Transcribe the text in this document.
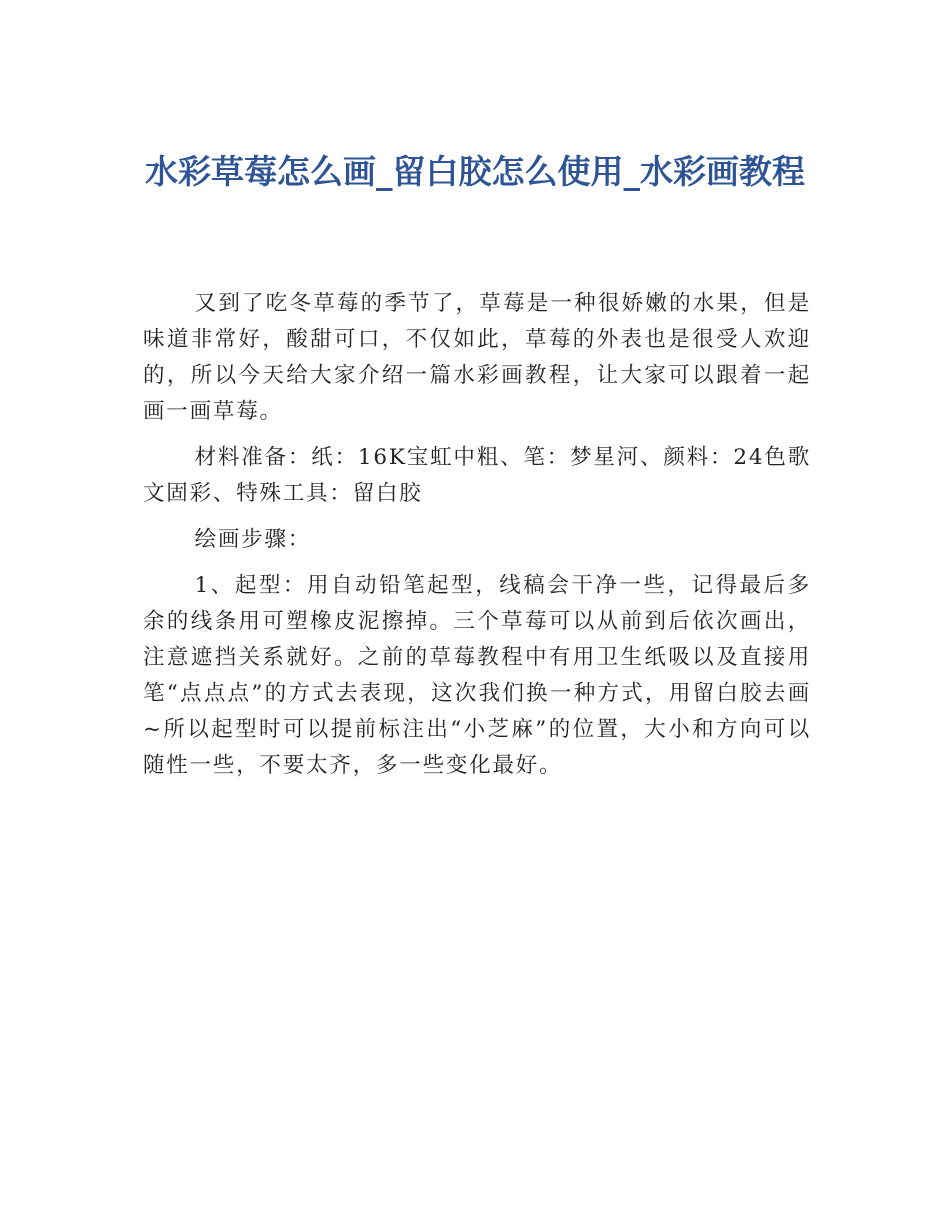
水彩草莓怎么画_留白胶怎么使用_水彩画教程

又到了吃冬草莓的季节了，草莓是一种很娇嫩的水果，但是味道非常好，酸甜可口，不仅如此，草莓的外表也是很受人欢迎的，所以今天给大家介绍一篇水彩画教程，让大家可以跟着一起画一画草莓。

材料准备：纸：16K宝虹中粗、笔：梦星河、颜料：24色歌文固彩、特殊工具：留白胶

绘画步骤：

1、起型：用自动铅笔起型，线稿会干净一些，记得最后多余的线条用可塑橡皮泥擦掉。三个草莓可以从前到后依次画出，注意遮挡关系就好。之前的草莓教程中有用卫生纸吸以及直接用笔“点点点”的方式去表现，这次我们换一种方式，用留白胶去画~所以起型时可以提前标注出“小芝麻”的位置，大小和方向可以随性一些，不要太齐，多一些变化最好。
